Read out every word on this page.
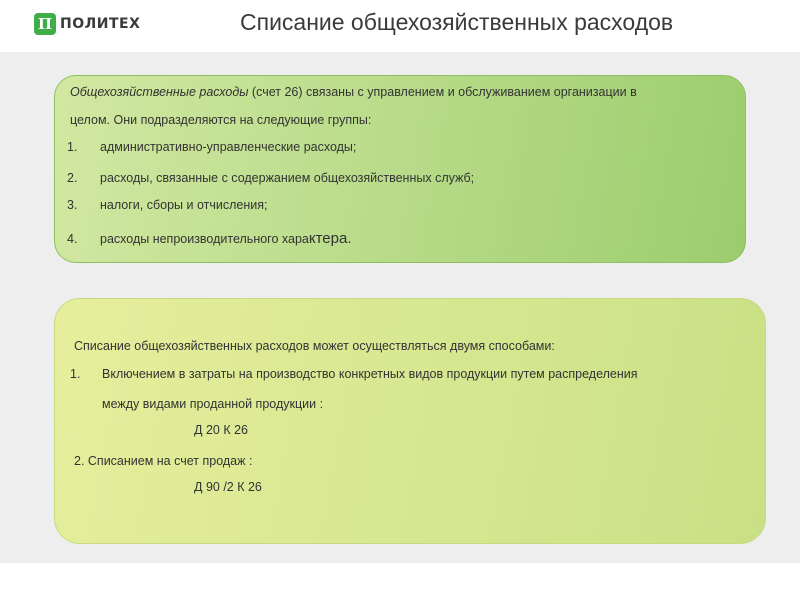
П ПОЛИТЕХ	Списание общехозяйственных расходов
Общехозяйственные расходы (счет 26) связаны с управлением и обслуживанием организации в
целом. Они подразделяются на следующие группы:
1. административно-управленческие расходы;
2. расходы, связанные с содержанием общехозяйственных служб;
3. налоги, сборы и отчисления;
4. расходы непроизводительного характера.
Списание общехозяйственных расходов может осуществляться двумя способами:
1. Включением в затраты на производство конкретных видов продукции путем распределения
между видами проданной продукции :
Д 20 К 26
2. Списанием на счет продаж :
Д 90 /2 К 26
